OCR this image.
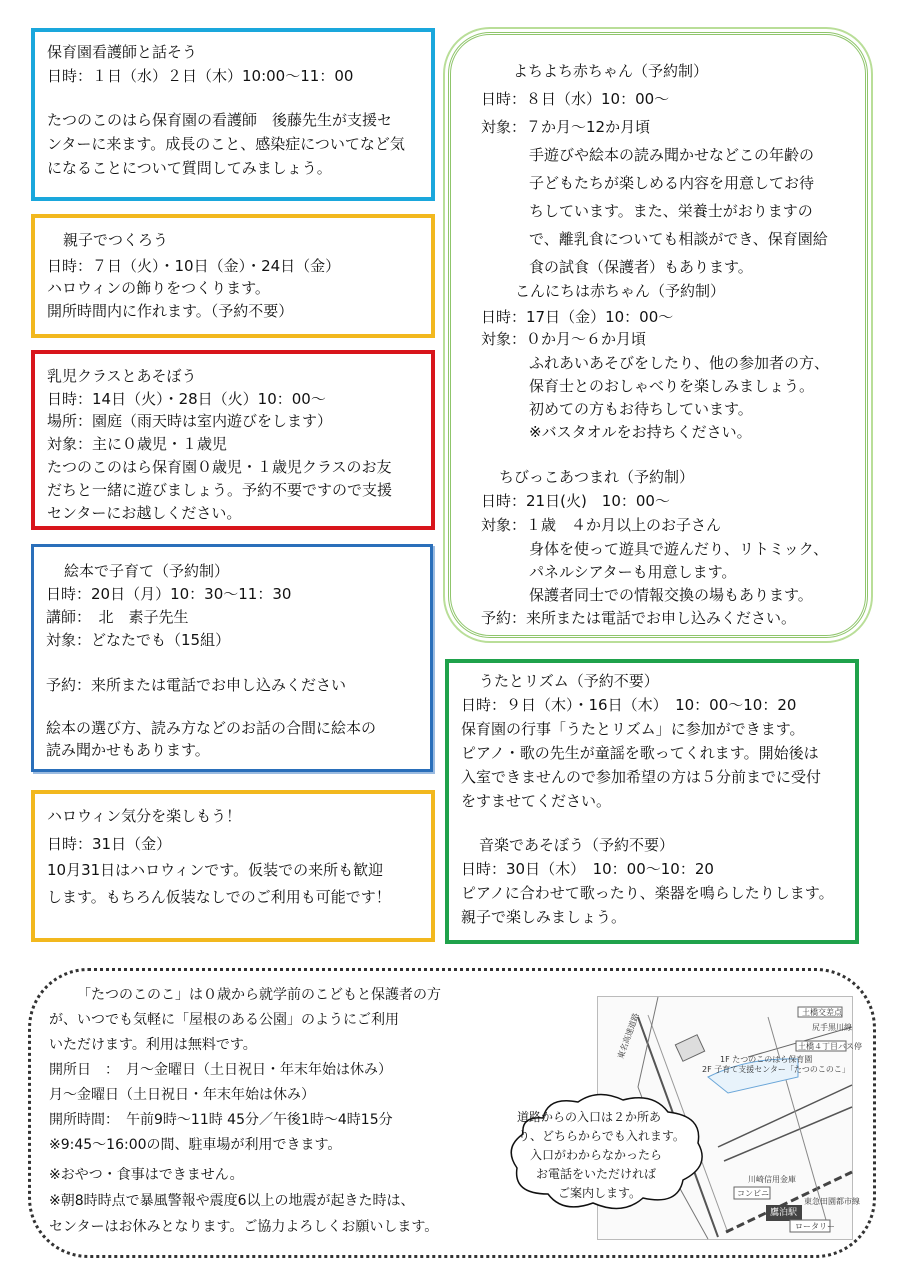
保育園看護師と話そう
日時：１日（水）２日（木）10:00～11：00
たつのこのはら保育園の看護師　後藤先生が支援セ
ンターに来ます。成長のこと、感染症についてなど気
になることについて質問してみましょう。
親子でつくろう
日時：７日（火）・10日（金）・24日（金）
ハロウィンの飾りをつくります。
開所時間内に作れます。（予約不要）
乳児クラスとあそぼう
日時：14日（火）・28日（火）10：00～
場所：園庭（雨天時は室内遊びをします）
対象：主に０歳児・１歳児
たつのこのはら保育園０歳児・１歳児クラスのお友
だちと一緒に遊びましょう。予約不要ですので支援
センターにお越しください。
絵本で子育て（予約制）
日時：20日（月）10：30～11：30
講師：　北　素子先生
対象：どなたでも（15組）
予約：来所または電話でお申し込みください
絵本の選び方、読み方などのお話の合間に絵本の
読み聞かせもあります。
ハロウィン気分を楽しもう！
日時：31日（金）
10月31日はハロウィンです。仮装での来所も歓迎
します。もちろん仮装なしでのご利用も可能です！
よちよち赤ちゃん（予約制）
日時：８日（水）10：00～
対象：７か月～12か月頃
手遊びや絵本の読み聞かせなどこの年齢の
子どもたちが楽しめる内容を用意してお待
ちしています。また、栄養士がおりますの
で、離乳食についても相談ができ、保育園給
食の試食（保護者）もあります。
こんにちは赤ちゃん（予約制）
日時：17日（金）10：00～
対象：０か月～６か月頃
ふれあいあそびをしたり、他の参加者の方、
保育士とのおしゃべりを楽しみましょう。
初めての方もお待ちしています。
※バスタオルをお持ちください。
ちびっこあつまれ（予約制）
日時：21日(火)　10：00～
対象：１歳　４か月以上のお子さん
身体を使って遊具で遊んだり、リトミック、
パネルシアターも用意します。
保護者同士での情報交換の場もあります。
予約：来所または電話でお申し込みください。
うたとリズム（予約不要）
日時：９日（木）・16日（木）　10：00～10：20
保育園の行事「うたとリズム」に参加ができます。
ピアノ・歌の先生が童謡を歌ってくれます。開始後は
入室できませんので参加希望の方は５分前までに受付
をすませてください。
音楽であそぼう（予約不要）
日時：30日（木）　10：00～10：20
ピアノに合わせて歌ったり、楽器を鳴らしたりします。
親子で楽しみましょう。
「たつのこのこ」は０歳から就学前のこどもと保護者の方
が、いつでも気軽に「屋根のある公園」のようにご利用
いただけます。利用は無料です。
開所日　：　月～金曜日（土日祝日・年末年始は休み）
月～金曜日（土日祝日・年末年始は休み）
開所時間：　午前9時～11時 45分／午後1時～4時15分
※9:45～16:00の間、駐車場が利用できます。
※おやつ・食事はできません。
※朝8時時点で暴風警報や震度6以上の地震が起きた時は、
センターはお休みとなります。ご協力よろしくお願いします。
土橋交差点
尻手黒川線
土橋４丁目バス停
1F たつのこのはら保育園
2F 子育て支援センター「たつのこのこ」
東名高速道路
川崎信用金庫
コンビニ
鷹泊駅
東急田園都市線
ロータリー
道路からの入口は２か所あ
り、どちらからでも入れます。
入口がわからなかったら
お電話をいただければ
ご案内します。
